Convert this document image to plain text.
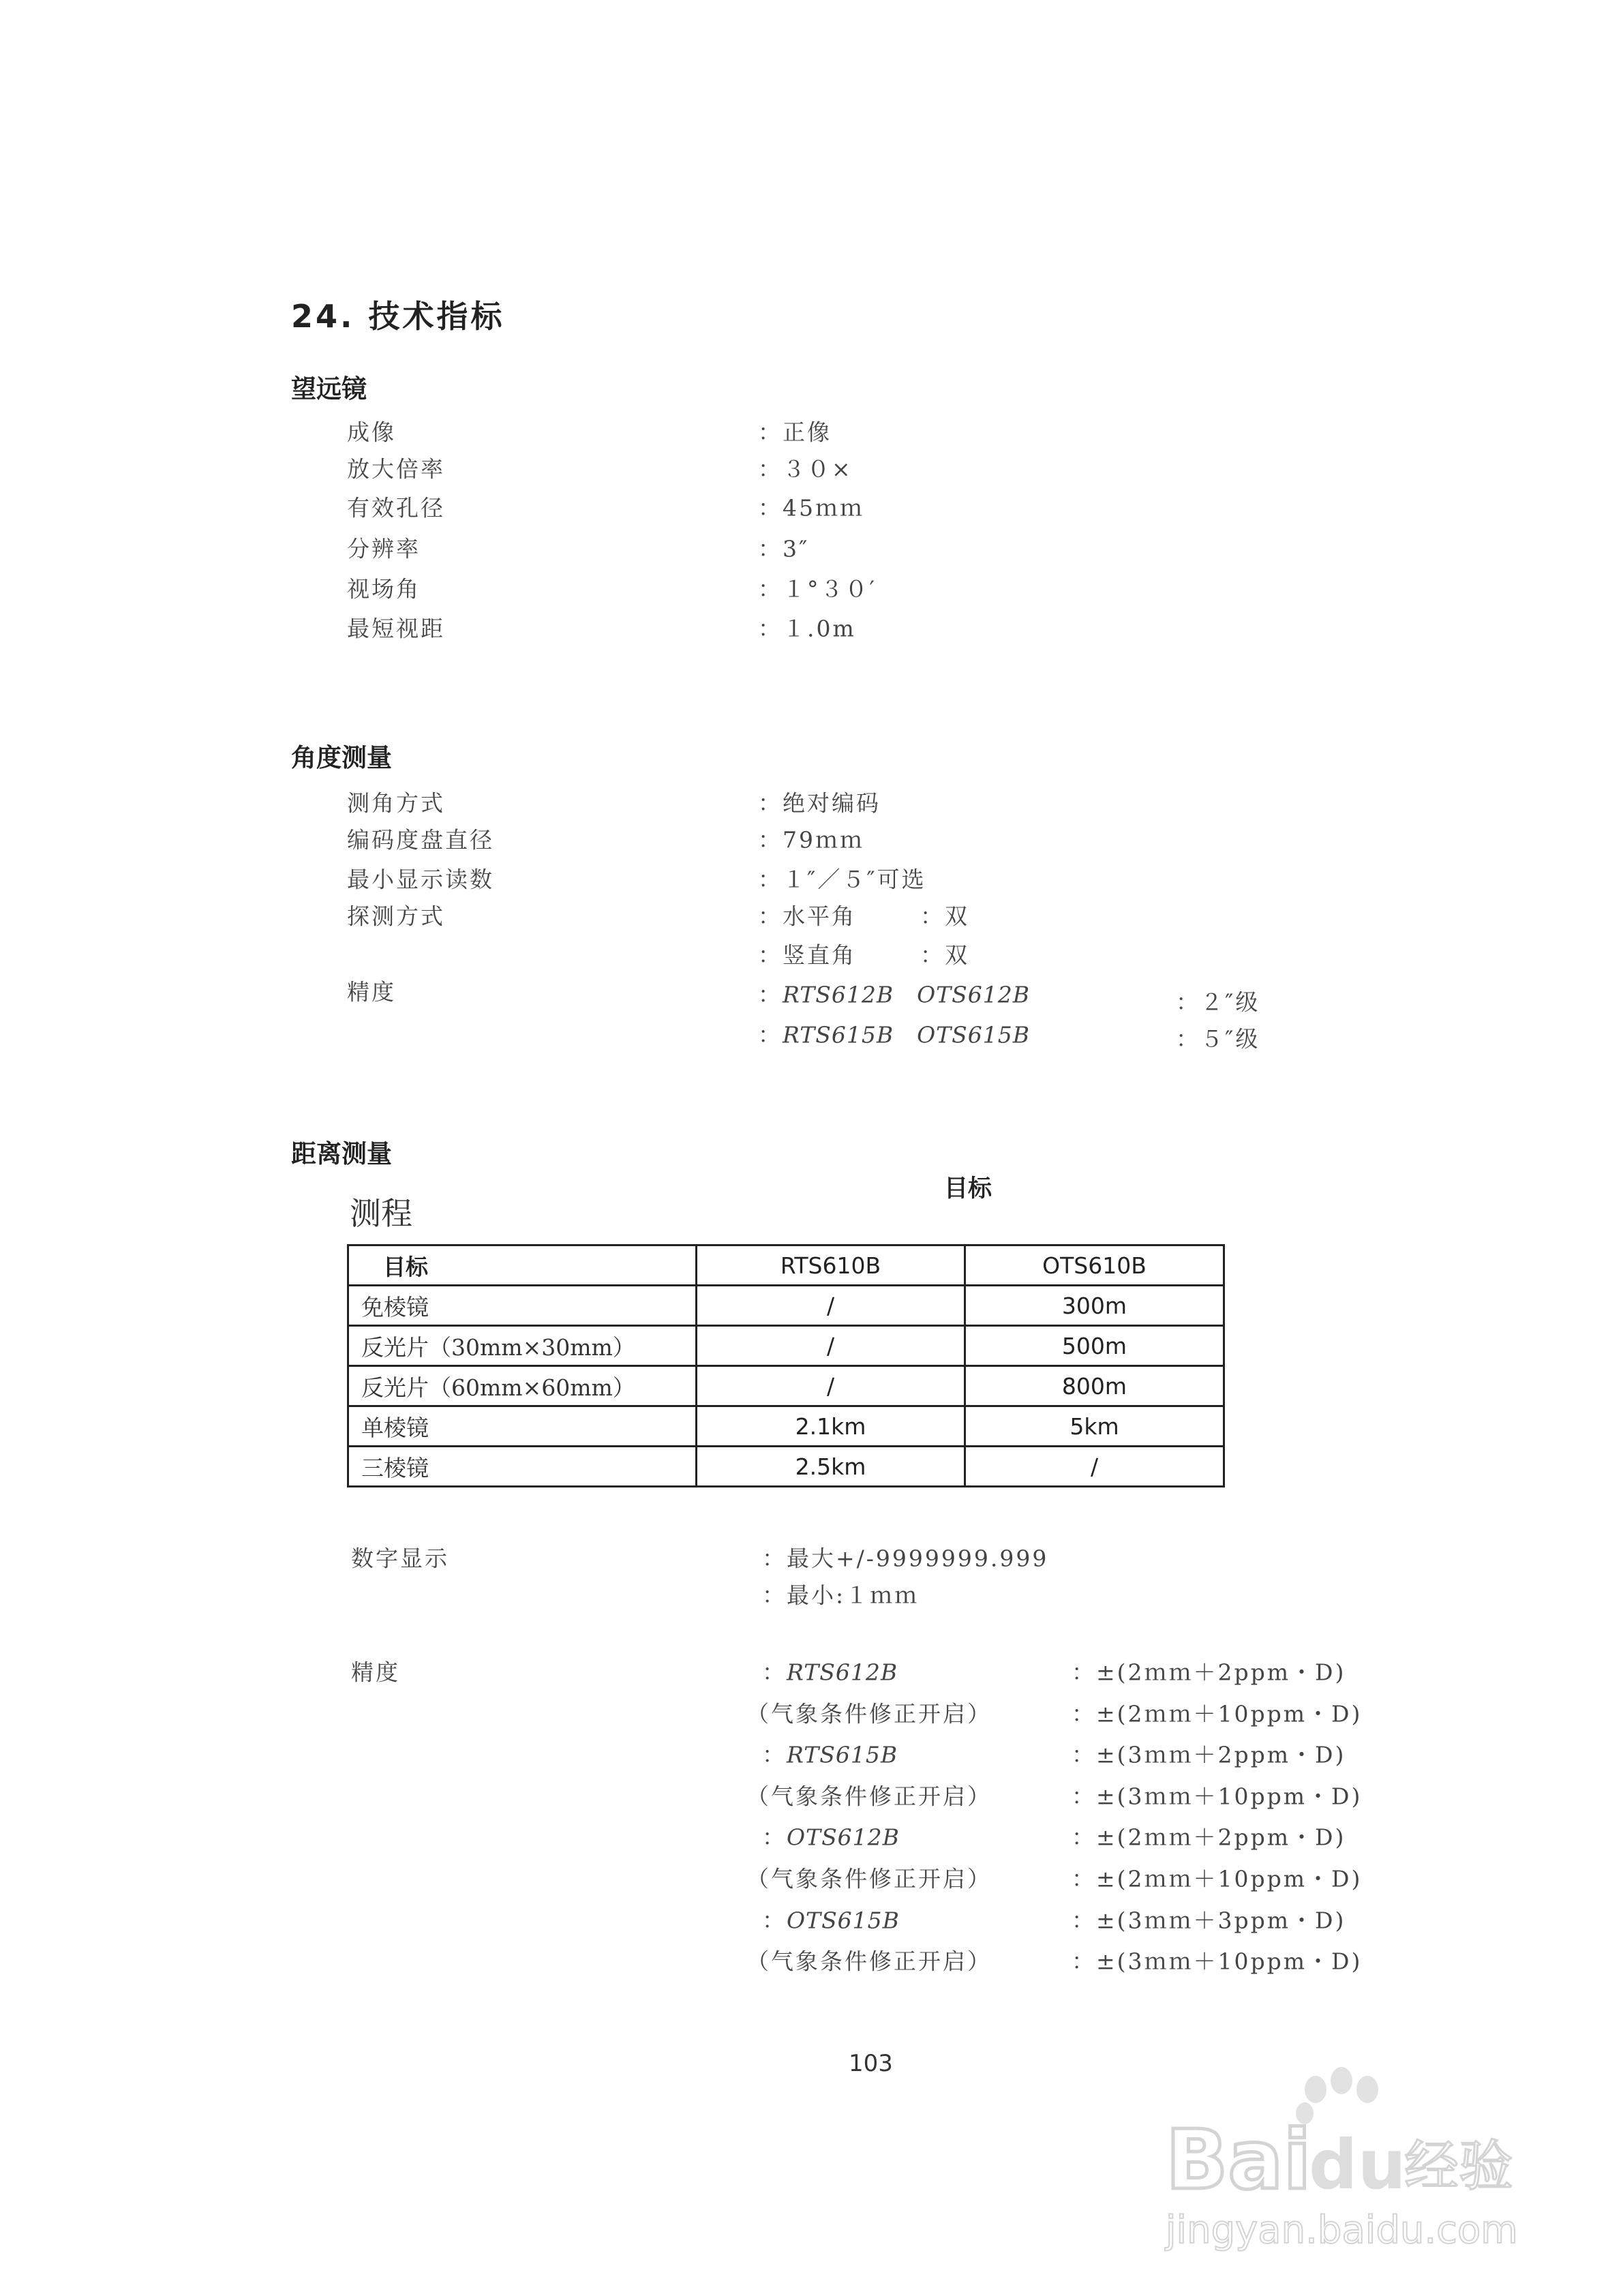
24. 技术指标
望远镜
成像	：正像
放大倍率	：３０×
有效孔径	：45ｍｍ
分辨率	：3″
视场角	：１°３０′
最短视距	：１.0m
角度测量
测角方式	：绝对编码
编码度盘直径	：79ｍｍ
最小显示读数	：１″／５″可选
探测方式	：水平角	：双
：竖直角	：双
精度	：RTS612B　OTS612B	：２″级
：RTS615B　OTS615B	：５″级
距离测量
测程
目标
目标	RTS610B	OTS610B
免棱镜	/	300m
反光片（30mm×30mm）	/	500m
反光片（60mm×60mm）	/	800m
单棱镜	2.1km	5km
三棱镜	2.5km	/
数字显示	：最大+/-9999999.999
：最小:１ｍｍ
精度	：RTS612B	：±(2ｍｍ＋2ppm・D)
（气象条件修正开启）	：±(2ｍｍ＋10ppm・D)
：RTS615B	：±(3ｍｍ＋2ppm・D)
（气象条件修正开启）	：±(3ｍｍ＋10ppm・D)
：OTS612B	：±(2ｍｍ＋2ppm・D)
（气象条件修正开启）	：±(2ｍｍ＋10ppm・D)
：OTS615B	：±(3ｍｍ＋3ppm・D)
（气象条件修正开启）	：±(3ｍｍ＋10ppm・D)
103
Bai
du
经验
jingyan.baidu.com
